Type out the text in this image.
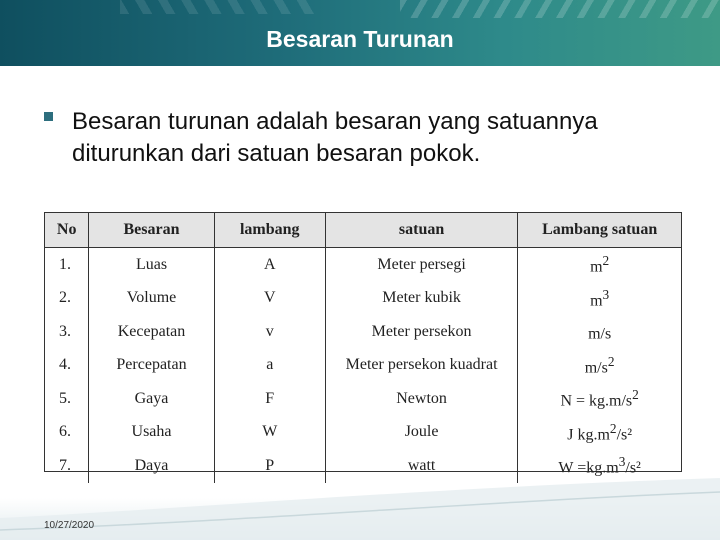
Besaran Turunan
Besaran turunan adalah besaran yang satuannya diturunkan dari satuan besaran pokok.
No	Besaran	lambang	satuan	Lambang satuan
1.	Luas	A	Meter persegi	$m^2$
2.	Volume	V	Meter kubik	$m^3$
3.	Kecepatan	v	Meter persekon	m/s
4.	Percepatan	a	Meter persekon kuadrat	$m/s^2$
5.	Gaya	F	Newton	$N = kg.m/s^2$
6.	Usaha	W	Joule	J $kg.m^2/s^2$
7.	Daya	P	watt	$W =kg.m^3/s^2$
10/27/2020
